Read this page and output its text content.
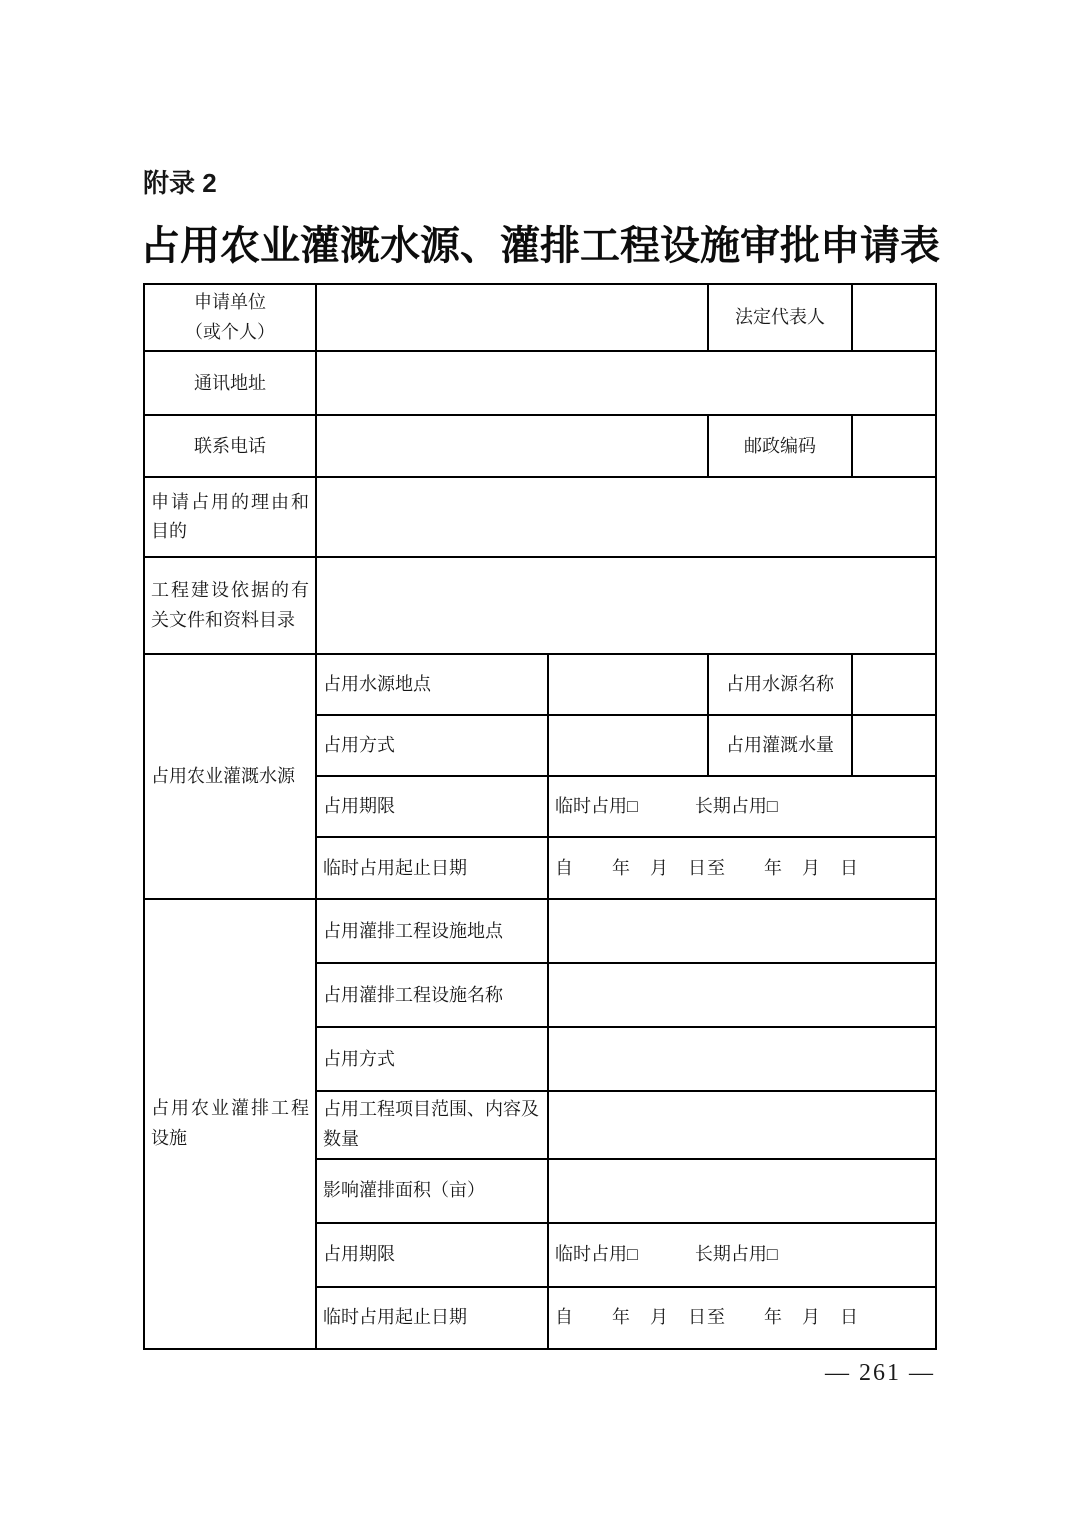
附录 2
占用农业灌溉水源、灌排工程设施审批申请表
申请单位
（或个人）			法定代表人	
通讯地址				
联系电话			邮政编码	
申请占用的理由和目的				
工程建设依据的有关文件和资料目录				
占用农业灌溉水源	占用水源地点		占用水源名称	
	占用方式		占用灌溉水量	
	占用期限	临时占用□ 长期占用□		
	临时占用起止日期	自　　年　月　日至　　年　月　日		
占用农业灌排工程设施	占用灌排工程设施地点			
	占用灌排工程设施名称			
	占用方式			
	占用工程项目范围、内容及数量			
	影响灌排面积（亩）			
	占用期限	临时占用□ 长期占用□		
	临时占用起止日期	自　　年　月　日至　　年　月　日		
— 261 —
